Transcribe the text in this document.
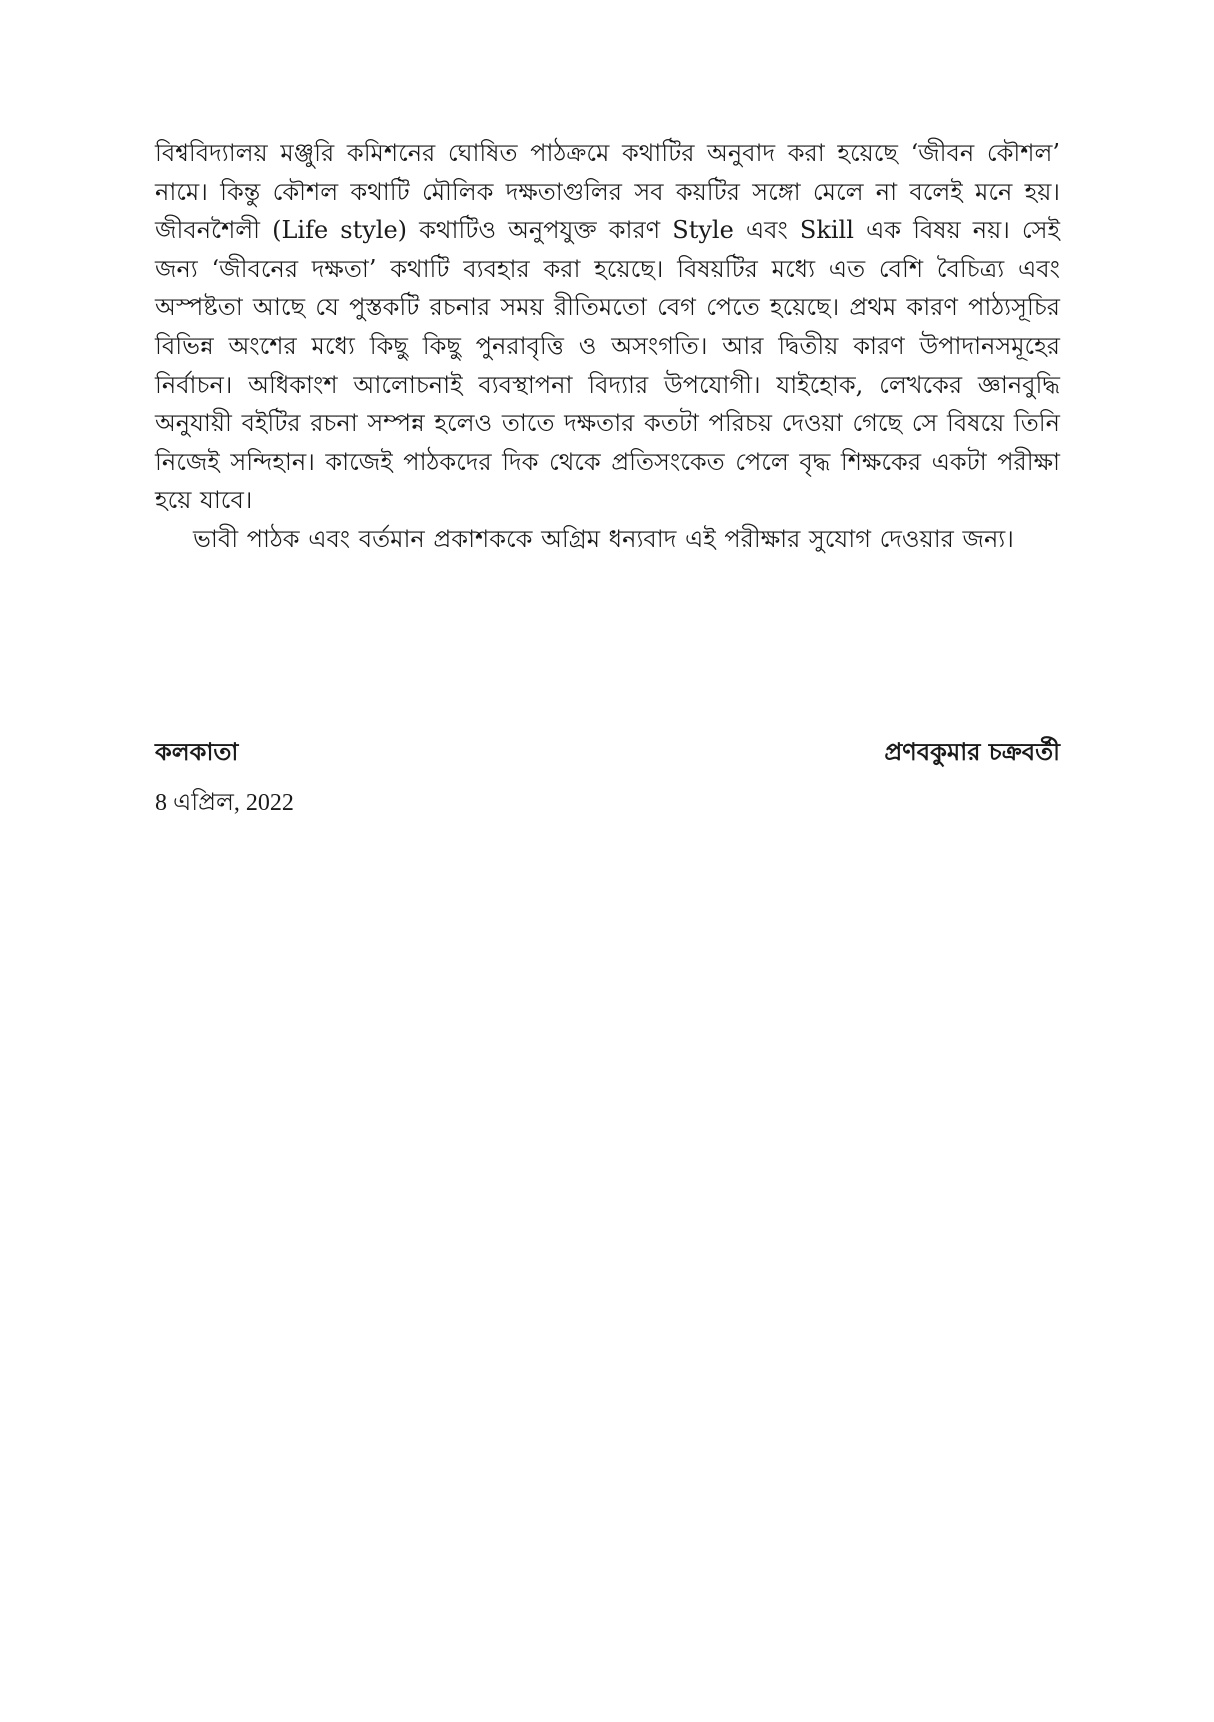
বিশ্ববিদ্যালয় মঞ্জুরি কমিশনের ঘোষিত পাঠক্রমে কথাটির অনুবাদ করা হয়েছে ‘জীবন কৌশল’ নামে। কিন্তু কৌশল কথাটি মৌলিক দক্ষতাগুলির সব কয়টির সঙ্গো মেলে না বলেই মনে হয়। জীবনশৈলী (Life style) কথাটিও অনুপযুক্ত কারণ Style এবং Skill এক বিষয় নয়। সেই জন্য ‘জীবনের দক্ষতা’ কথাটি ব্যবহার করা হয়েছে। বিষয়টির মধ্যে এত বেশি বৈচিত্র্য এবং অস্পষ্টতা আছে যে পুস্তকটি রচনার সময় রীতিমতো বেগ পেতে হয়েছে। প্রথম কারণ পাঠ্যসূচির বিভিন্ন অংশের মধ্যে কিছু কিছু পুনরাবৃত্তি ও অসংগতি। আর দ্বিতীয় কারণ উপাদানসমূহের নির্বাচন। অধিকাংশ আলোচনাই ব্যবস্থাপনা বিদ্যার উপযোগী। যাইহোক, লেখকের জ্ঞানবুদ্ধি অনুযায়ী বইটির রচনা সম্পন্ন হলেও তাতে দক্ষতার কতটা পরিচয় দেওয়া গেছে সে বিষয়ে তিনি নিজেই সন্দিহান। কাজেই পাঠকদের দিক থেকে প্রতিসংকেত পেলে বৃদ্ধ শিক্ষকের একটা পরীক্ষা হয়ে যাবে।

ভাবী পাঠক এবং বর্তমান প্রকাশককে অগ্রিম ধন্যবাদ এই পরীক্ষার সুযোগ দেওয়ার জন্য।

কলকাতা
8 এপ্রিল, 2022
প্রণবকুমার চক্রবর্তী
